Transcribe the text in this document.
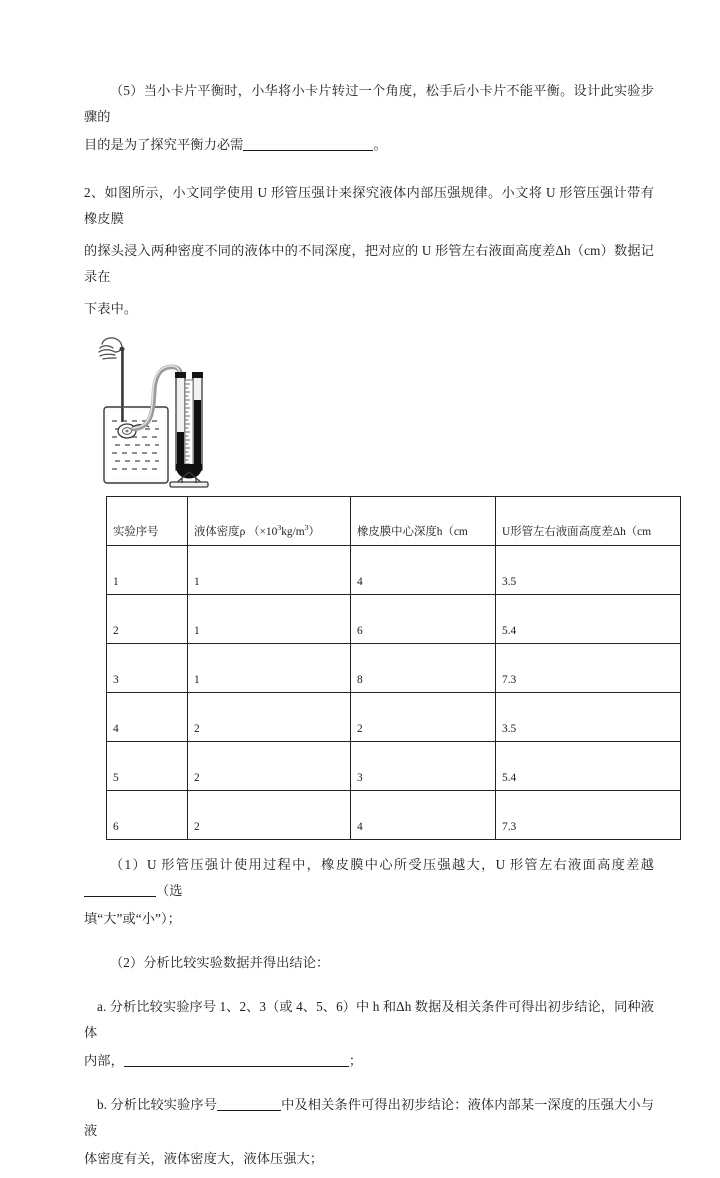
（5）当小卡片平衡时，小华将小卡片转过一个角度，松手后小卡片不能平衡。设计此实验步骤的

目的是为了探究平衡力必需	。

2、如图所示，小文同学使用 U 形管压强计来探究液体内部压强规律。小文将 U 形管压强计带有橡皮膜

的探头浸入两种密度不同的液体中的不同深度，把对应的 U 形管左右液面高度差Δh（cm）数据记录在

下表中。

实验序号	液体密度ρ $(\times 10^3kg/m^3)$	橡皮膜中心深度h（cm	U形管左右液面高度差Δh（cm
1	1	4	3.5
2	1	6	5.4
3	1	8	7.3
4	2	2	3.5
5	2	3	5.4
6	2	4	7.3

（1）U 形管压强计使用过程中，橡皮膜中心所受压强越大，U 形管左右液面高度差越（选

填“大”或“小”）；

（2）分析比较实验数据并得出结论：

a. 分析比较实验序号 1、2、3（或 4、5、6）中 h 和Δh 数据及相关条件可得出初步结论，同种液体

内部，	；

b. 分析比较实验序号	中及相关条件可得出初步结论：液体内部某一深度的压强大小与液

体密度有关，液体密度大，液体压强大；
